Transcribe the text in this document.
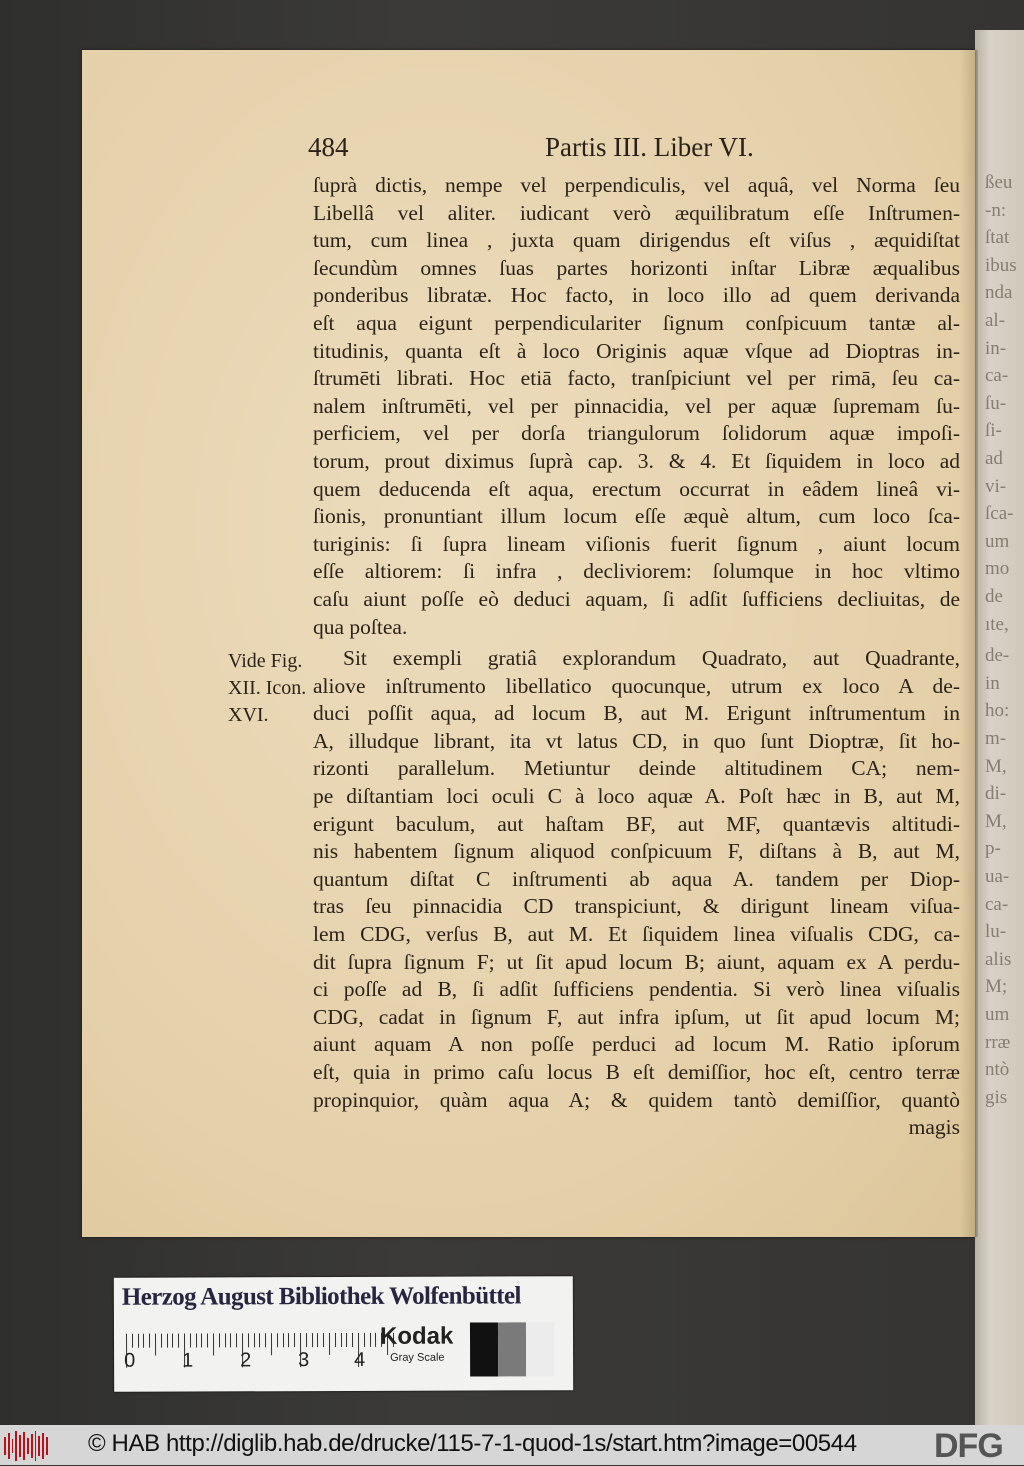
ßeu
-n:
ſtat
ibus
nda
al-
in-
ca-
ſu-
ſi-
ad
vi-
ſca-
um
mo
de
ıte,
de-
in
ho:
m-
M,
di-
M,
p-
ua-
ca-
lu-
alis
M;
um
rræ
ntò
gis
484	Partis III. Liber VI.
Vide Fig.
XII. Icon.
XVI.
ſuprà dictis, nempe vel perpendiculis, vel aquâ, vel Norma ſeu
Libellâ vel aliter. iudicant verò æquilibratum eſſe Inſtrumen-
tum, cum linea , juxta quam dirigendus eſt viſus , æquidiſtat
ſecundùm omnes ſuas partes horizonti inſtar Libræ æqualibus
ponderibus libratæ. Hoc facto, in loco illo ad quem derivanda
eſt aqua eigunt perpendiculariter ſignum conſpicuum tantæ al-
titudinis, quanta eſt à loco Originis aquæ vſque ad Dioptras in-
ſtrumēti librati. Hoc etiā facto, tranſpiciunt vel per rimā, ſeu ca-
nalem inſtrumēti, vel per pinnacidia, vel per aquæ ſupremam ſu-
perficiem, vel per dorſa triangulorum ſolidorum aquæ impoſi-
torum, prout diximus ſuprà cap. 3. & 4. Et ſiquidem in loco ad
quem deducenda eſt aqua, erectum occurrat in eâdem lineâ vi-
ſionis, pronuntiant illum locum eſſe æquè altum, cum loco ſca-
turiginis: ſi ſupra lineam viſionis fuerit ſignum , aiunt locum
eſſe altiorem: ſi infra , decliviorem: ſolumque in hoc vltimo
caſu aiunt poſſe eò deduci aquam, ſi adſit ſufficiens decliuitas, de
qua poſtea.
Sit exempli gratiâ explorandum Quadrato, aut Quadrante,
aliove inſtrumento libellatico quocunque, utrum ex loco A de-
duci poſſit aqua, ad locum B, aut M. Erigunt inſtrumentum in
A, illudque librant, ita vt latus CD, in quo ſunt Dioptræ, ſit ho-
rizonti parallelum. Metiuntur deinde altitudinem CA; nem-
pe diſtantiam loci oculi C à loco aquæ A. Poſt hæc in B, aut M,
erigunt baculum, aut haſtam BF, aut MF, quantævis altitudi-
nis habentem ſignum aliquod conſpicuum F, diſtans à B, aut M,
quantum diſtat C inſtrumenti ab aqua A. tandem per Diop-
tras ſeu pinnacidia CD transpiciunt, & dirigunt lineam viſua-
lem CDG, verſus B, aut M. Et ſiquidem linea viſualis CDG, ca-
dit ſupra ſignum F; ut ſit apud locum B; aiunt, aquam ex A perdu-
ci poſſe ad B, ſi adſit ſufficiens pendentia. Si verò linea viſualis
CDG, cadat in ſignum F, aut infra ipſum, ut ſit apud locum M;
aiunt aquam A non poſſe perduci ad locum M. Ratio ipſorum
eſt, quia in primo caſu locus B eſt demiſſior, hoc eſt, centro terræ
propinquior, quàm aqua A; & quidem tantò demiſſior, quantò
magis
Herzog August Bibliothek Wolfenbüttel
0 1 2 3 4
Kodak
Gray Scale
© HAB http://diglib.hab.de/drucke/115-7-1-quod-1s/start.htm?image=00544 DFG
